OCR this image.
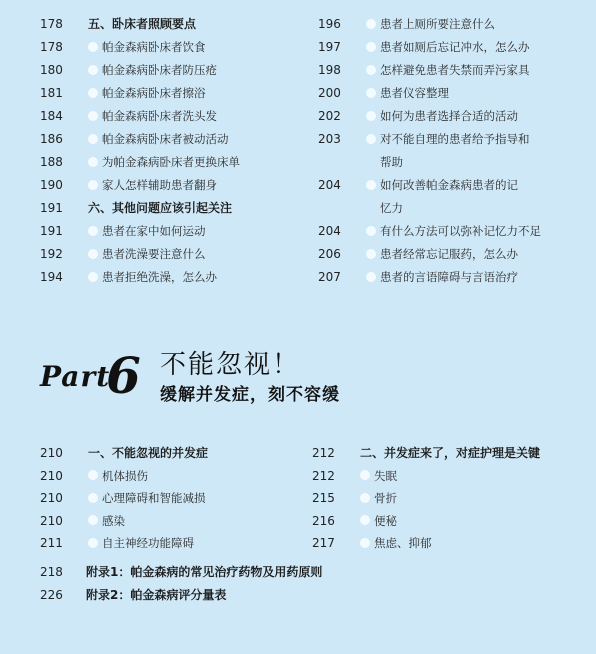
178	五、卧床者照顾要点
178	帕金森病卧床者饮食
180	帕金森病卧床者防压疮
181	帕金森病卧床者擦浴
184	帕金森病卧床者洗头发
186	帕金森病卧床者被动活动
188	为帕金森病卧床者更换床单
190	家人怎样辅助患者翻身
191	六、其他问题应该引起关注
191	患者在家中如何运动
192	患者洗澡要注意什么
194	患者拒绝洗澡，怎么办
196	患者上厕所要注意什么
197	患者如厕后忘记冲水，怎么办
198	怎样避免患者失禁而弄污家具
200	患者仪容整理
202	如何为患者选择合适的活动
203	对不能自理的患者给予指导和
帮助
204	如何改善帕金森病患者的记
忆力
204	有什么方法可以弥补记忆力不足
206	患者经常忘记服药，怎么办
207	患者的言语障碍与言语治疗
Part
6 不能忽视！
缓解并发症，刻不容缓
210	一、不能忽视的并发症
210	机体损伤
210	心理障碍和智能减损
210	感染
211	自主神经功能障碍
212	二、并发症来了，对症护理是关键
212	失眠
215	骨折
216	便秘
217	焦虑、抑郁
218	附录1：帕金森病的常见治疗药物及用药原则
226	附录2：帕金森病评分量表
